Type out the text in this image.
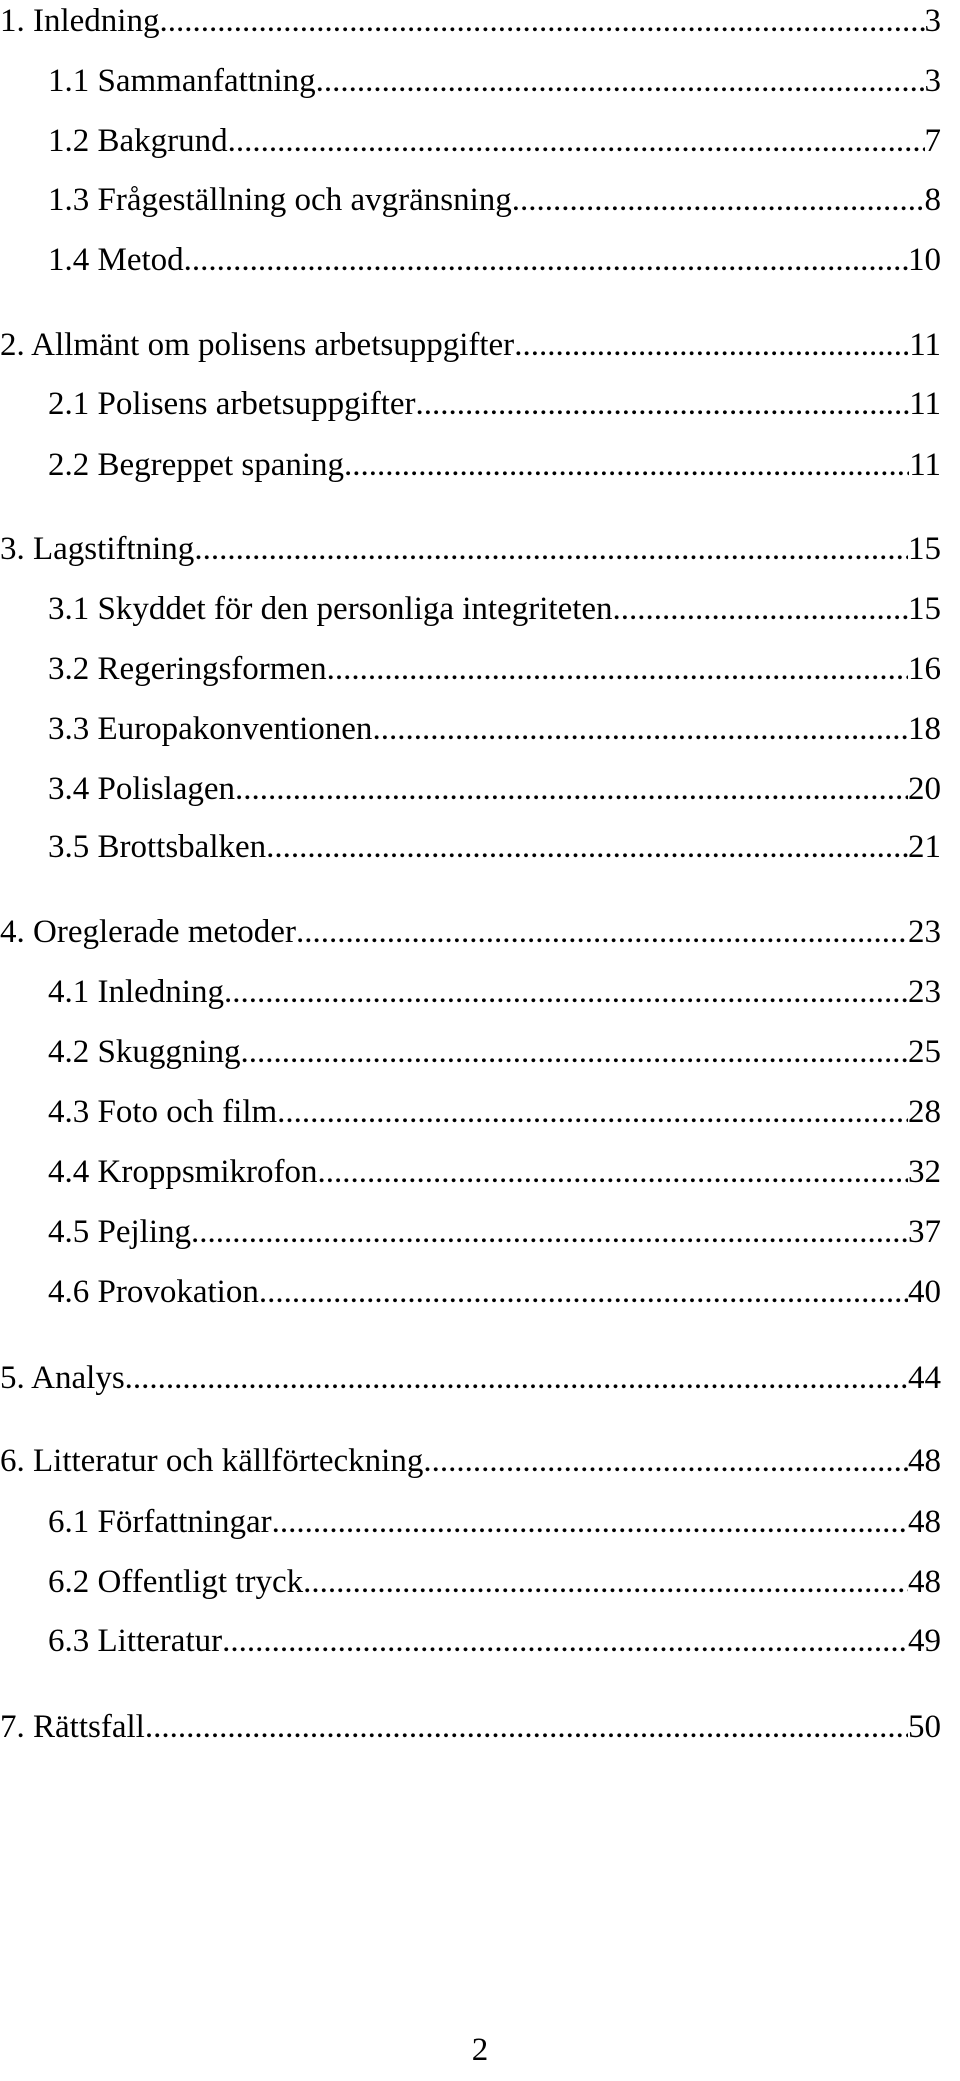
1. Inledning .....	3
1.1 Sammanfattning .....	3
1.2 Bakgrund .....	7
1.3 Frågeställning och avgränsning .....	8
1.4 Metod .....	10
2. Allmänt om polisens arbetsuppgifter .....	11
2.1 Polisens arbetsuppgifter .....	11
2.2 Begreppet spaning .....	11
3. Lagstiftning .....	15
3.1 Skyddet för den personliga integriteten .....	15
3.2 Regeringsformen .....	16
3.3 Europakonventionen .....	18
3.4 Polislagen .....	20
3.5 Brottsbalken .....	21
4. Oreglerade metoder .....	23
4.1 Inledning .....	23
4.2 Skuggning .....	25
4.3 Foto och film .....	28
4.4 Kroppsmikrofon .....	32
4.5 Pejling .....	37
4.6 Provokation .....	40
5. Analys .....	44
6. Litteratur och källförteckning .....	48
6.1 Författningar .....	48
6.2 Offentligt tryck .....	48
6.3 Litteratur .....	49
7. Rättsfall .....	50
2
